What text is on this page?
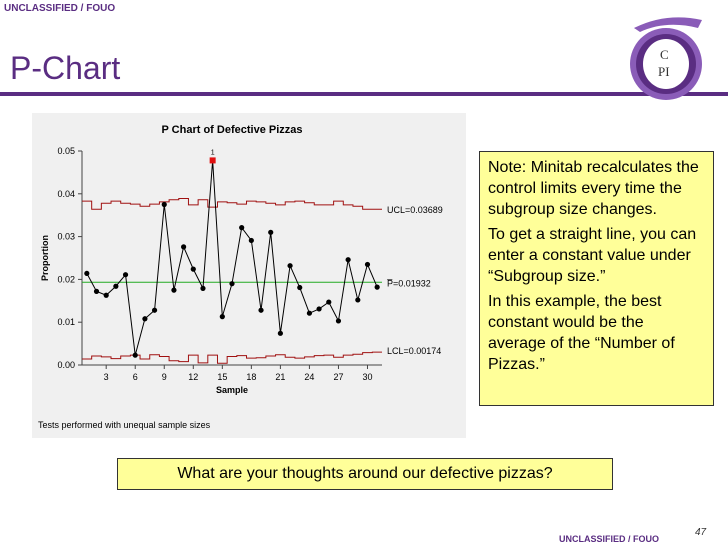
UNCLASSIFIED / FOUO
P-Chart	C
PI
P Chart of Defective Pizzas
0.00
0.01
0.02
0.03
0.04
0.05
3	6	9 12 15 18 21 24 27 30
Sample
Proportion
UCL=0.03689
P̅=0.01932
LCL=0.00174
1
Tests performed with unequal sample sizes

Note: Minitab recalculates the control limits every time the subgroup size changes.

To get a straight line, you can enter a constant value under “Subgroup size.”

In this example, the best constant would be the average of the “Number of Pizzas.”

What are your thoughts around our defective pizzas?
UNCLASSIFIED / FOUO
47
